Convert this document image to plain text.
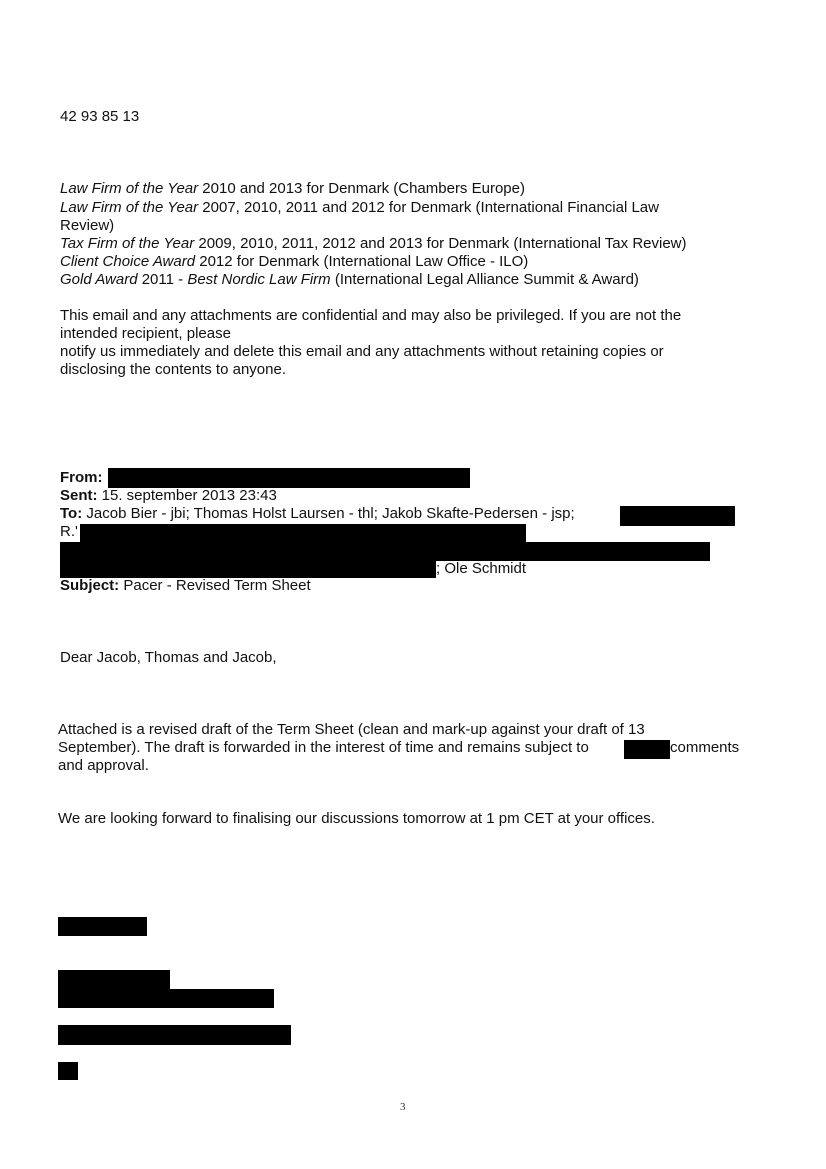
42 93 85 13
Law Firm of the Year 2010 and 2013 for Denmark (Chambers Europe)
Law Firm of the Year 2007, 2010, 2011 and 2012 for Denmark (International Financial Law
Review)
Tax Firm of the Year 2009, 2010, 2011, 2012 and 2013 for Denmark (International Tax Review)
Client Choice Award 2012 for Denmark (International Law Office - ILO)
Gold Award 2011 - Best Nordic Law Firm (International Legal Alliance Summit & Award)
This email and any attachments are confidential and may also be privileged. If you are not the
intended recipient, please
notify us immediately and delete this email and any attachments without retaining copies or
disclosing the contents to anyone.
From:
Sent: 15. september 2013 23:43
To: Jacob Bier - jbi; Thomas Holst Laursen - thl; Jakob Skafte-Pedersen - jsp;
R.'
; Ole Schmidt
Subject: Pacer - Revised Term Sheet
Dear Jacob, Thomas and Jacob,
Attached is a revised draft of the Term Sheet (clean and mark-up against your draft of 13
September). The draft is forwarded in the interest of time and remains subject to	comments
and approval.
We are looking forward to finalising our discussions tomorrow at 1 pm CET at your offices.
3
